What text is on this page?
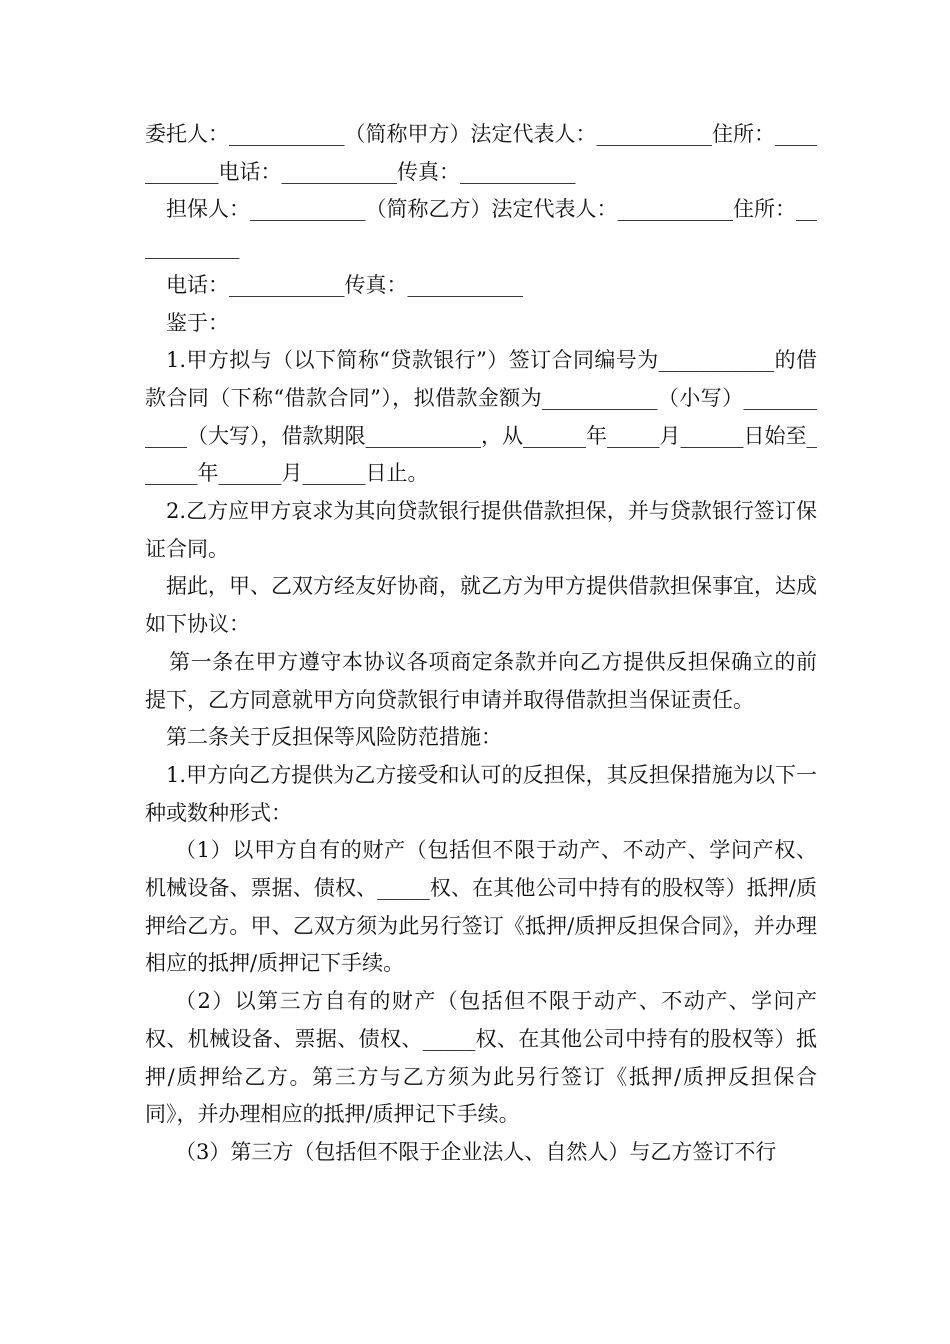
委托人：___________（简称甲方）法定代表人：___________住所：___________电话：___________传真：___________

担保人：___________（简称乙方）法定代表人：___________住所：___________

电话：___________传真：___________

鉴于：

1.甲方拟与（以下简称“贷款银行”）签订合同编号为___________的借款合同（下称“借款合同”），拟借款金额为___________（小写）___________（大写），借款期限___________，从______年_____月______日始至______年______月______日止。

2.乙方应甲方哀求为其向贷款银行提供借款担保，并与贷款银行签订保证合同。

据此，甲、乙双方经友好协商，就乙方为甲方提供借款担保事宜，达成如下协议：

第一条在甲方遵守本协议各项商定条款并向乙方提供反担保确立的前提下，乙方同意就甲方向贷款银行申请并取得借款担当保证责任。

第二条关于反担保等风险防范措施：

1.甲方向乙方提供为乙方接受和认可的反担保，其反担保措施为以下一种或数种形式：

（1）以甲方自有的财产（包括但不限于动产、不动产、学问产权、机械设备、票据、债权、_____权、在其他公司中持有的股权等）抵押/质押给乙方。甲、乙双方须为此另行签订《抵押/质押反担保合同》，并办理相应的抵押/质押记下手续。

（2）以第三方自有的财产（包括但不限于动产、不动产、学问产权、机械设备、票据、债权、_____权、在其他公司中持有的股权等）抵押/质押给乙方。第三方与乙方须为此另行签订《抵押/质押反担保合同》，并办理相应的抵押/质押记下手续。

（3）第三方（包括但不限于企业法人、自然人）与乙方签订不行
